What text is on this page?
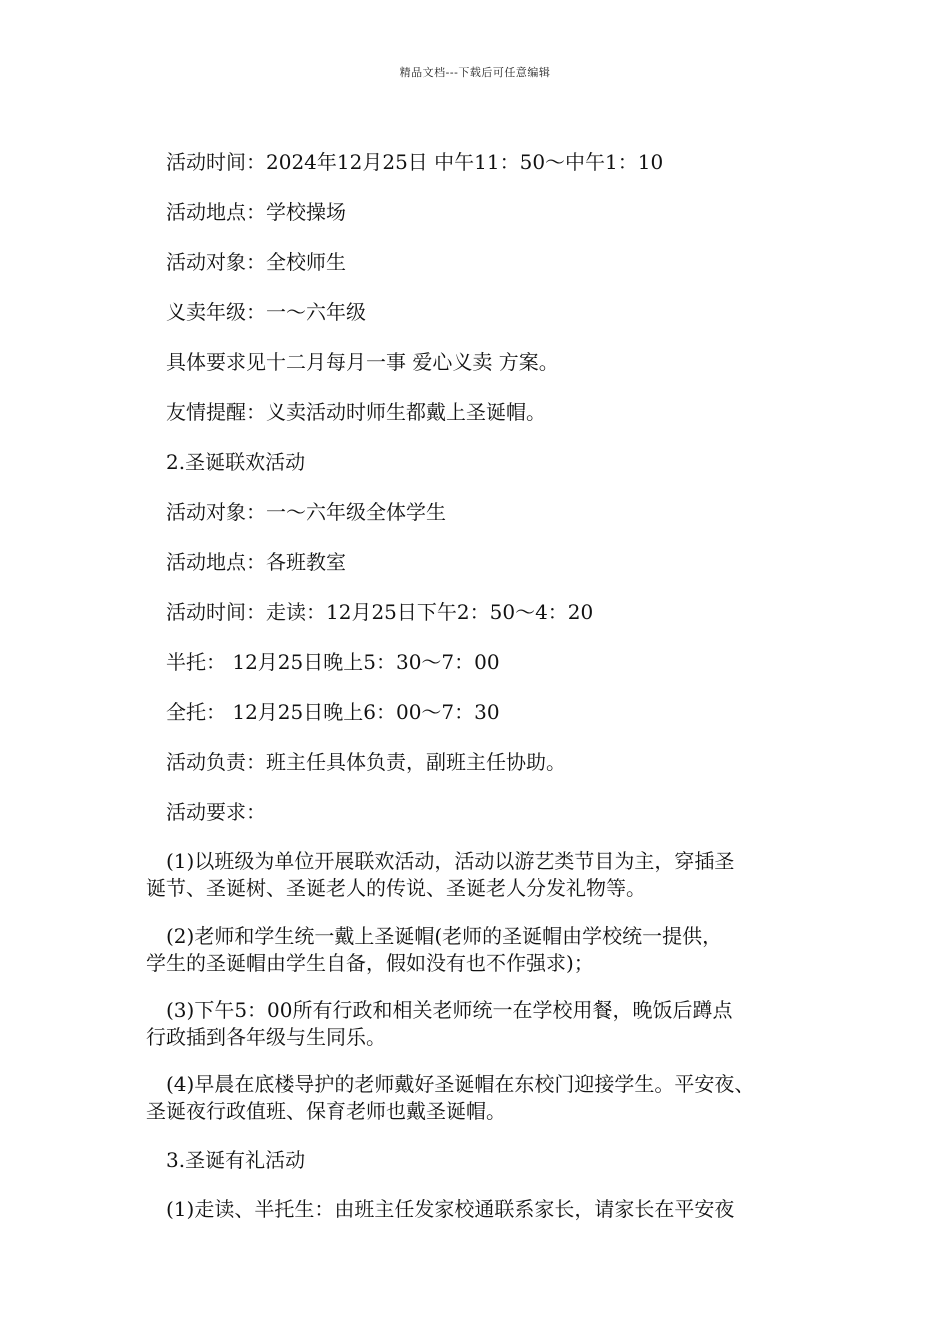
精品文档---下载后可任意编辑
活动时间：2024年12月25日 中午11：50～中午1：10
活动地点：学校操场
活动对象：全校师生
义卖年级：一～六年级
具体要求见十二月每月一事 爱心义卖 方案。
友情提醒：义卖活动时师生都戴上圣诞帽。
2.圣诞联欢活动
活动对象：一～六年级全体学生
活动地点：各班教室
活动时间：走读：12月25日下午2：50～4：20
半托： 12月25日晚上5：30～7：00
全托： 12月25日晚上6：00～7：30
活动负责：班主任具体负责，副班主任协助。
活动要求：
(1)以班级为单位开展联欢活动，活动以游艺类节目为主，穿插圣
诞节、圣诞树、圣诞老人的传说、圣诞老人分发礼物等。
(2)老师和学生统一戴上圣诞帽(老师的圣诞帽由学校统一提供，
学生的圣诞帽由学生自备，假如没有也不作强求)；
(3)下午5：00所有行政和相关老师统一在学校用餐，晚饭后蹲点
行政插到各年级与生同乐。
(4)早晨在底楼导护的老师戴好圣诞帽在东校门迎接学生。平安夜、
圣诞夜行政值班、保育老师也戴圣诞帽。
3.圣诞有礼活动
(1)走读、半托生：由班主任发家校通联系家长，请家长在平安夜
